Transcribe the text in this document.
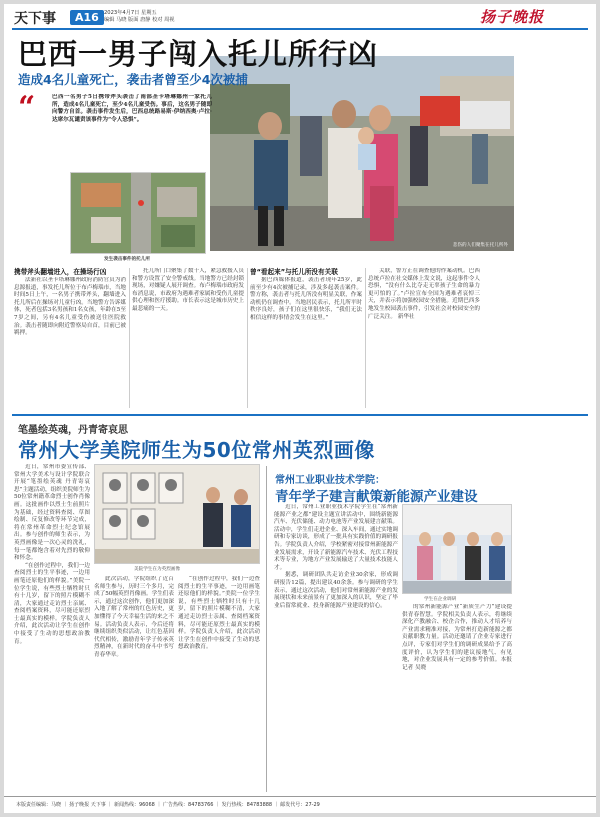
天下事	A16 2023年4月7日 星期五
编辑 马晓 版面 唐静 校对 周视	扬子晚报
悲伤的人们聚集在托儿所外
巴西一男子闯入托儿所行凶
造成4名儿童死亡，袭击者曾至少4次被捕
“	巴西一名男子5日携带斧头袭击了南部圣卡塔琳娜州一家托儿所，造成4名儿童死亡，至少4名儿童受伤。事后，这名男子随即向警方自首。袭击事件发生后，巴西总统路易斯·伊纳西奥·卢拉·达席尔瓦谴责该事件为“令人恐惧”。
发生袭击事件的托儿所
携带斧头翻墙进入，在操场行凶

法新社以圣卡塔琳娜州政府消防官员为消息源报道，事发托儿所位于布卢梅瑙市，当地时间5日上午，一名男子携带斧头，翻墙进入托儿所后在操场对儿童行凶。当地警方告诉媒体，死者包括3名男孩和1名女孩，年龄在5至7岁之间，另有4名儿童受伤被送往医院救治。袭击者随即向附近警察局自首，目前已被羁押。

托儿所门口聚集了数十人，紧急救援人员和警方设置了安全警戒线。当地警方已经封锁现场，对嫌疑人展开调查。布卢梅瑙市政府发布消息说，市政府为遇难者家属和受伤儿童提供心理和医疗援助。市长表示这是城市历史上最悲痛的一天。

曾“看起来”与托儿所没有关联

据巴西媒体报道，袭击者现年25岁，此前至少有4次被捕记录，涉及多起袭击案件。警方称，袭击者与托儿所没有明显关联，作案动机仍在调查中。当地居民表示，托儿所平时秩序良好，孩子们在这里很快乐，“我们无法相信这样的事情会发生在这里。”

关联，警方正在调查他的作案动机。巴西总统卢拉在社交媒体上发文说，这起事件令人恐惧，“没有什么比夺走无辜孩子生命的暴力更可怕的了。”卢拉宣布全国为遇难者哀悼三天，并表示将加强校园安全措施。近期巴西多地发生校园袭击事件，引发社会对校园安全的广泛关注。 新华社

笔墨绘英魂，丹青寄哀思
常州大学美院师生为50位常州英烈画像

近日，常州市委宣传部、常州大学美术与设计学院联合开展“笔墨绘英魂 丹青寄哀思”主题活动，组织美院师生为50位常州籍革命烈士创作肖像画。这批画作以烈士生前照片为基础，经过资料查阅、草图绘制、反复修改等环节完成，将在常州革命烈士纪念馆展出。参与创作的师生表示，为英烈画像是一次心灵的洗礼，每一笔都饱含着对先烈的敬仰和怀念。

“在创作过程中，我们一边查阅烈士的生平事迹，一边用画笔还原他们的样貌。”美院一位学生说，有些烈士牺牲时只有十几岁，留下的照片模糊不清，大家通过走访烈士亲属、查阅档案资料，尽可能还原烈士最真实的模样。学院负责人介绍，此次活动让学生在创作中接受了生动的思想政治教育。

美院学生在为英烈画像

此次活动，学院组织了近百名师生参与，历时三个多月，完成了50幅英烈肖像画。学生们表示，通过这次创作，他们更加深入地了解了常州的红色历史，更加懂得了今天幸福生活的来之不易。活动负责人表示，今后还将继续组织类似活动，让红色基因代代相传，激励青年学子传承英烈精神，在新时代的奋斗中书写青春华章。

“在创作过程中，我们一边查阅烈士的生平事迹，一边用画笔还原他们的样貌。”美院一位学生说，有些烈士牺牲时只有十几岁，留下的照片模糊不清，大家通过走访烈士亲属、查阅档案资料，尽可能还原烈士最真实的模样。学院负责人介绍，此次活动让学生在创作中接受了生动的思想政治教育。

常州工业职业技术学院：
青年学子建言献策新能源产业建设

近日，常州工业职业技术学院学生在“常州新能源产业之都”建设主题宣讲活动中，围绕新能源汽车、光伏储能、动力电池等产业发展建言献策。活动中，学生们走进企业、深入车间，通过实地调研和专家访谈，形成了一批具有实践价值的调研报告。学院负责人介绍，学校紧密对接常州新能源产业发展需求，开设了新能源汽车技术、光伏工程技术等专业，为地方产业发展输送了大量技术技能人才。

据悉，调研团队共走访企业30余家，形成调研报告12篇，提出建议40余条。参与调研的学生表示，通过这次活动，他们对常州新能源产业的发展现状和未来前景有了更加深入的认识，坚定了毕业后留常就业、投身新能源产业建设的信心。

学生在企业调研

的常州新能源产业“新质生产力”建设提供青春智慧。学院相关负责人表示，将继续深化产教融合、校企合作，推动人才培养与产业需求精准对接，为常州打造新能源之都贡献职教力量。活动还邀请了企业专家进行点评，专家们对学生们的调研成果给予了高度评价，认为学生们的建议接地气、有见地，对企业发展具有一定的参考价值。本报记者 吴晓

本版责任编辑：马晓 ｜ 扬子晚报 天下事 ｜ 新闻热线：96068 ｜ 广告热线：84783766 ｜ 发行热线：84783888 ｜ 邮发代号：27-29
